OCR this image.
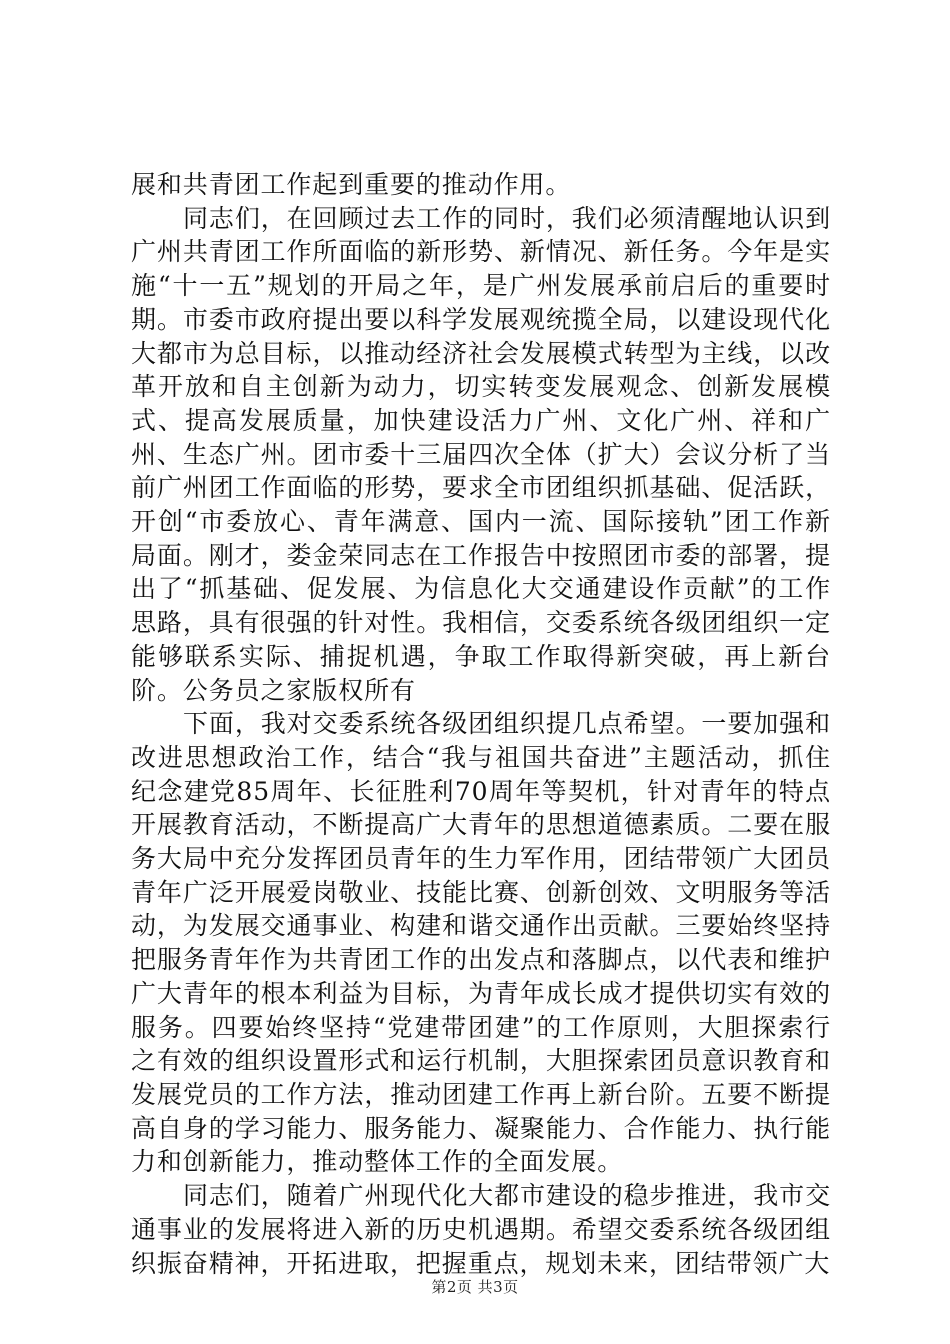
展和共青团工作起到重要的推动作用。

同志们，在回顾过去工作的同时，我们必须清醒地认识到广州共青团工作所面临的新形势、新情况、新任务。今年是实施“十一五”规划的开局之年，是广州发展承前启后的重要时期。市委市政府提出要以科学发展观统揽全局，以建设现代化大都市为总目标，以推动经济社会发展模式转型为主线，以改革开放和自主创新为动力，切实转变发展观念、创新发展模式、提高发展质量，加快建设活力广州、文化广州、祥和广州、生态广州。团市委十三届四次全体（扩大）会议分析了当前广州团工作面临的形势，要求全市团组织抓基础、促活跃，开创“市委放心、青年满意、国内一流、国际接轨”团工作新局面。刚才，娄金荣同志在工作报告中按照团市委的部署，提出了“抓基础、促发展、为信息化大交通建设作贡献”的工作思路，具有很强的针对性。我相信，交委系统各级团组织一定能够联系实际、捕捉机遇，争取工作取得新突破，再上新台阶。公务员之家版权所有

下面，我对交委系统各级团组织提几点希望。一要加强和改进思想政治工作，结合“我与祖国共奋进”主题活动，抓住纪念建党85周年、长征胜利70周年等契机，针对青年的特点开展教育活动，不断提高广大青年的思想道德素质。二要在服务大局中充分发挥团员青年的生力军作用，团结带领广大团员青年广泛开展爱岗敬业、技能比赛、创新创效、文明服务等活动，为发展交通事业、构建和谐交通作出贡献。三要始终坚持把服务青年作为共青团工作的出发点和落脚点，以代表和维护广大青年的根本利益为目标，为青年成长成才提供切实有效的服务。四要始终坚持“党建带团建”的工作原则，大胆探索行之有效的组织设置形式和运行机制，大胆探索团员意识教育和发展党员的工作方法，推动团建工作再上新台阶。五要不断提高自身的学习能力、服务能力、凝聚能力、合作能力、执行能力和创新能力，推动整体工作的全面发展。

同志们，随着广州现代化大都市建设的稳步推进，我市交通事业的发展将进入新的历史机遇期。希望交委系统各级团组织振奋精神，开拓进取，把握重点，规划未来，团结带领广大

第2页 共3页
